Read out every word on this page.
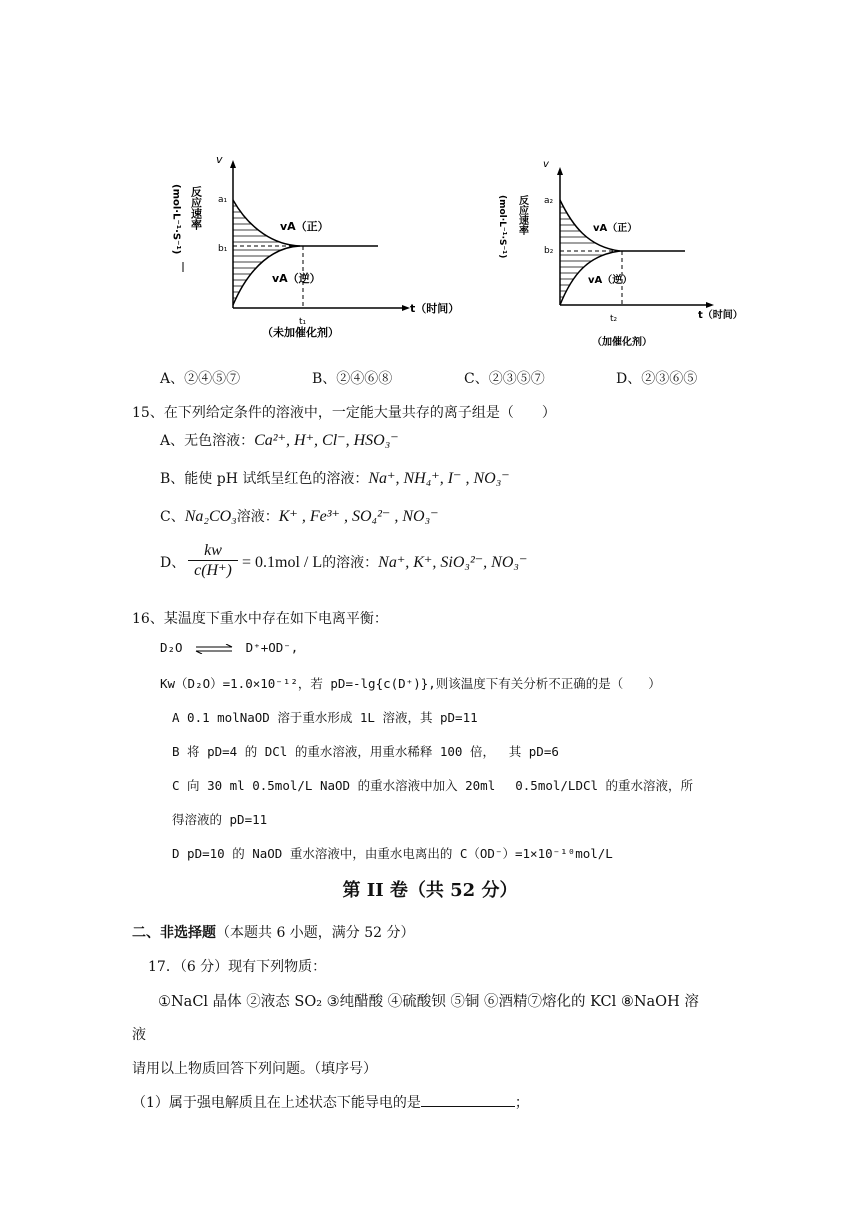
v
a₁
b₁
vA（正）
vA（逆）
t（时间）
t₁
（未加催化剂）
反应速率
(mol·L⁻¹·S⁻¹)
v
a₂
b₂
vA（正）
vA（逆）
t（时间）
t₂
（加催化剂）
反应速率
(mol·L⁻¹·S⁻¹)
A、②④⑤⑦	B、②④⑥⑧	C、②③⑤⑦	D、②③⑥⑤
15、在下列给定条件的溶液中，一定能大量共存的离子组是（　　）
A、无色溶液：Ca²⁺, H⁺, Cl⁻, HSO₃⁻
B、能使 pH 试纸呈红色的溶液：Na⁺, NH₄⁺, I⁻ , NO₃⁻
C、Na₂CO₃溶液：K⁺ , Fe³⁺ , SO₄²⁻ , NO₃⁻
D、 $\frac{kw}{c(H^+)} = 0.1mol / L$的溶液：Na⁺, K⁺, SiO₃²⁻, NO₃⁻
16、某温度下重水中存在如下电离平衡：
D₂O ⇌ D⁺+OD⁻,
Kw（D₂O）=1.0×10⁻¹²，若 pD=-lg{c(D⁺)},则该温度下有关分析不正确的是（　　）
A 0.1 molNaOD 溶于重水形成 1L 溶液，其 pD=11
B 将 pD=4 的 DCl 的重水溶液，用重水稀释 100 倍，　 其 pD=6
C 向 30 ml 0.5mol/L NaOD 的重水溶液中加入 20ml　 0.5mol/LDCl 的重水溶液，所
得溶液的 pD=11
D pD=10 的 NaOD 重水溶液中，由重水电离出的 C（OD⁻）=1×10⁻¹⁰mol/L
第 II 卷（共 52 分）
二、非选择题（本题共 6 小题，满分 52 分）
17．（6 分）现有下列物质：
①NaCl 晶体 ②液态 SO₂ ③纯醋酸 ④硫酸钡 ⑤铜 ⑥酒精⑦熔化的 KCl ⑧NaOH 溶
液
请用以上物质回答下列问题。（填序号）
（1）属于强电解质且在上述状态下能导电的是	；
